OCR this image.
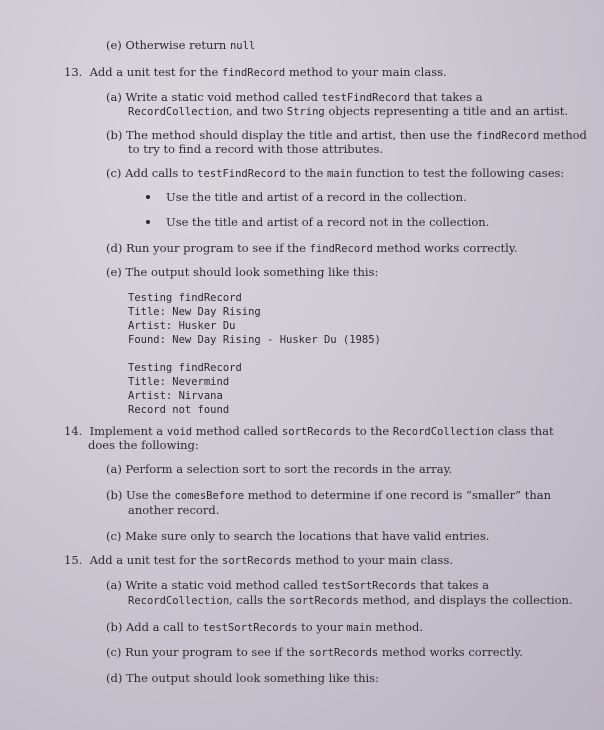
(e) Otherwise return null
13. Add a unit test for the findRecord method to your main class.
(a) Write a static void method called testFindRecord that takes a
RecordCollection, and two String objects representing a title and an artist.
(b) The method should display the title and artist, then use the findRecord method
to try to find a record with those attributes.
(c) Add calls to testFindRecord to the main function to test the following cases:
Use the title and artist of a record in the collection.
Use the title and artist of a record not in the collection.
(d) Run your program to see if the findRecord method works correctly.
(e) The output should look something like this:
Testing findRecord
Title: New Day Rising
Artist: Husker Du
Found: New Day Rising - Husker Du (1985)
Testing findRecord
Title: Nevermind
Artist: Nirvana
Record not found
14. Implement a void method called sortRecords to the RecordCollection class that
does the following:
(a) Perform a selection sort to sort the records in the array.
(b) Use the comesBefore method to determine if one record is “smaller” than
another record.
(c) Make sure only to search the locations that have valid entries.
15. Add a unit test for the sortRecords method to your main class.
(a) Write a static void method called testSortRecords that takes a
RecordCollection, calls the sortRecords method, and displays the collection.
(b) Add a call to testSortRecords to your main method.
(c) Run your program to see if the sortRecords method works correctly.
(d) The output should look something like this:
